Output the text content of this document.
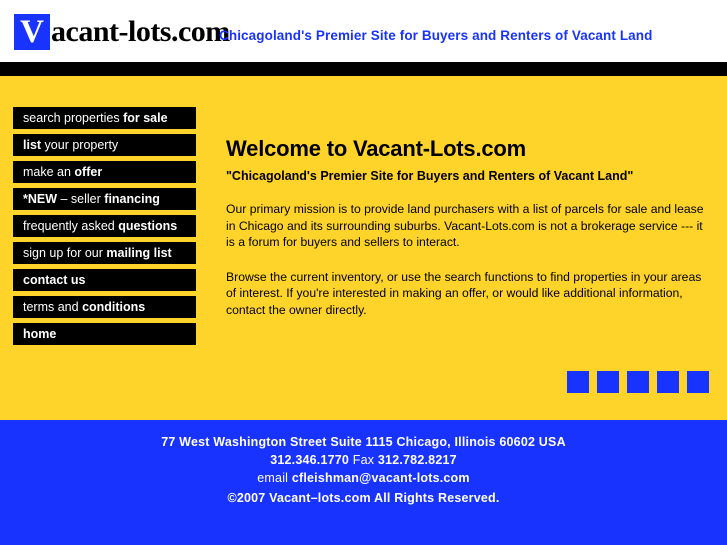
V acant-lots.com
Chicagoland's Premier Site for Buyers and Renters of Vacant Land
search properties for sale
list your property
make an offer
*NEW – seller financing
frequently asked questions
sign up for our mailing list
contact us
terms and conditions
home
Welcome to Vacant-Lots.com
"Chicagoland's Premier Site for Buyers and Renters of Vacant Land"

Our primary mission is to provide land purchasers with a list of parcels for sale and lease in Chicago and its surrounding suburbs. Vacant-Lots.com is not a brokerage service --- it is a forum for buyers and sellers to interact.

Browse the current inventory, or use the search functions to find properties in your areas of interest. If you're interested in making an offer, or would like additional information, contact the owner directly.

77 West Washington Street Suite 1115 Chicago, Illinois 60602 USA
312.346.1770 Fax 312.782.8217
email cfleishman@vacant-lots.com
©2007 Vacant–lots.com All Rights Reserved.
